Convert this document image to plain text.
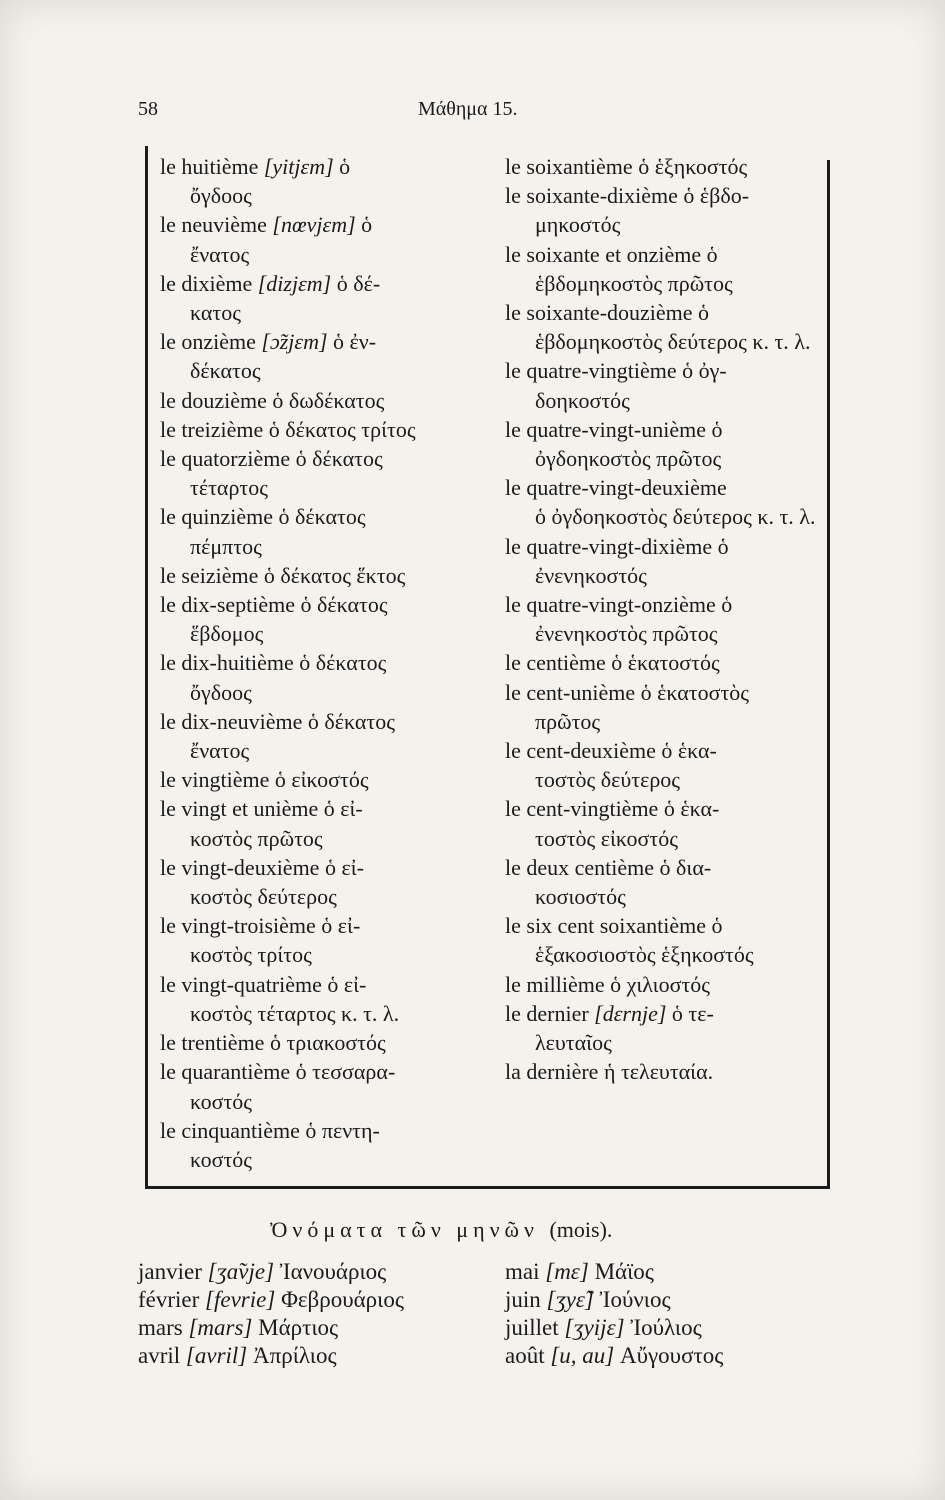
58	Μάθημα 15.

le huitième [yitjɛm] ὁ
ὄγδοος

le neuvième [nœvjɛm] ὁ
ἔνατος

le dixième [dizjɛm] ὁ δέ-
κατος

le onzième [ɔ̃zjɛm] ὁ ἐν-
δέκατος

le douzième ὁ δωδέκατος

le treizième ὁ δέκατος τρίτος

le quatorzième ὁ δέκατος
τέταρτος

le quinzième ὁ δέκατος
πέμπτος

le seizième ὁ δέκατος ἕκτος

le dix-septième ὁ δέκατος
ἕβδομος

le dix-huitième ὁ δέκατος
ὄγδοος

le dix-neuvième ὁ δέκατος
ἔνατος

le vingtième ὁ εἰκοστός

le vingt et unième ὁ εἰ-
κοστὸς πρῶτος

le vingt-deuxième ὁ εἰ-
κοστὸς δεύτερος

le vingt-troisième ὁ εἰ-
κοστὸς τρίτος

le vingt-quatrième ὁ εἰ-
κοστὸς τέταρτος κ. τ. λ.

le trentième ὁ τριακοστός

le quarantième ὁ τεσσαρα-
κοστός

le cinquantième ὁ πεντη-
κοστός

le soixantième ὁ ἑξηκοστός

le soixante-dixième ὁ ἑβδο-
μηκοστός

le soixante et onzième ὁ
ἑβδομηκοστὸς πρῶτος

le soixante-douzième ὁ
ἑβδομηκοστὸς δεύτερος κ. τ. λ.

le quatre-vingtième ὁ ὀγ-
δοηκοστός

le quatre-vingt-unième ὁ
ὀγδοηκοστὸς πρῶτος

le quatre-vingt-deuxième
ὁ ὀγδοηκοστὸς δεύτερος κ. τ. λ.

le quatre-vingt-dixième ὁ
ἐνενηκοστός

le quatre-vingt-onzième ὁ
ἐνενηκοστὸς πρῶτος

le centième ὁ ἑκατοστός

le cent-unième ὁ ἑκατοστὸς
πρῶτος

le cent-deuxième ὁ ἑκα-
τοστὸς δεύτερος

le cent-vingtième ὁ ἑκα-
τοστὸς εἰκοστός

le deux centième ὁ δια-
κοσιοστός

le six cent soixantième ὁ
ἑξακοσιοστὸς ἑξηκοστός

le millième ὁ χιλιοστός

le dernier [dɛrnje] ὁ τε-
λευταῖος

la dernière ἡ τελευταία.

Ὀνόματα τῶν μηνῶν (mois).
janvier [ʒɑ̃vje] Ἰανουάριος
février [fevrie] Φεβρουάριος
mars [mars] Μάρτιος
avril [avril] Ἀπρίλιος
mai [mɛ] Μάϊος
juin [ʒyɛ̃] Ἰούνιος
juillet [ʒyijɛ] Ἰούλιος
août [u, au] Αὔγουστος
